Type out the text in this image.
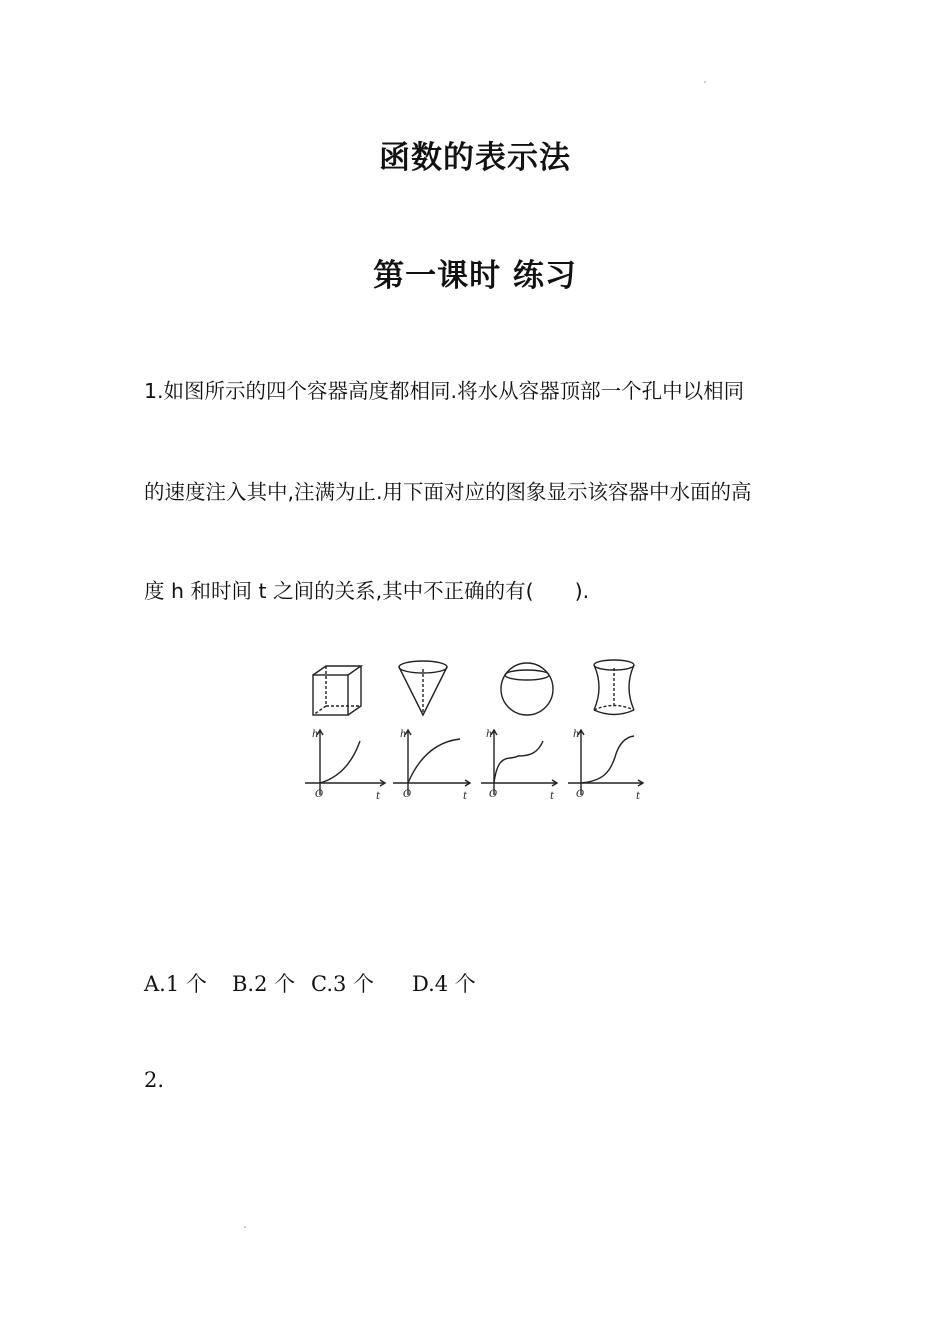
函数的表示法
第一课时 练习
1.如图所示的四个容器高度都相同.将水从容器顶部一个孔中以相同
的速度注入其中,注满为止.用下面对应的图象显示该容器中水面的高
度 h 和时间 t 之间的关系,其中不正确的有(　　).
h
O	t
h
O	t
h
O	t
h
O	t
A.1 个 B.2 个 C.3 个 D.4 个
2.
